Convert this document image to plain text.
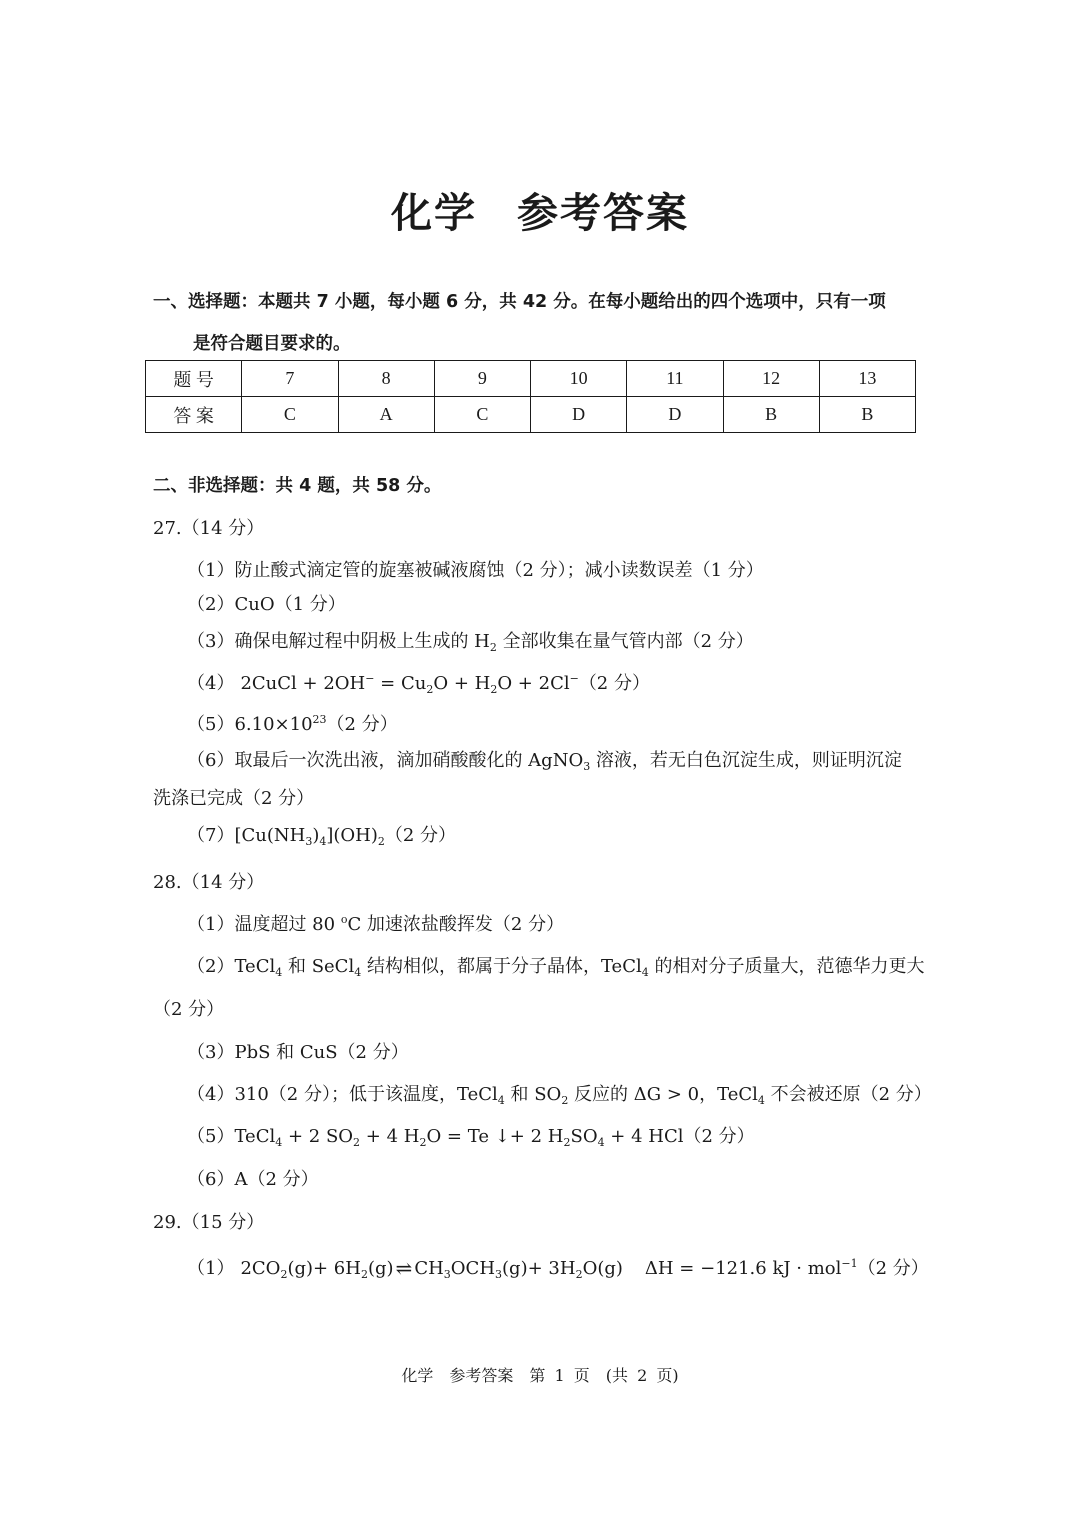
化学 参考答案
一、选择题：本题共 7 小题，每小题 6 分，共 42 分。在每小题给出的四个选项中，只有一项
是符合题目要求的。
题 号	7	8	9	10	11	12	13
答 案	C	A	C	D	D	B	B
二、非选择题：共 4 题，共 58 分。
27.（14 分）
（1）防止酸式滴定管的旋塞被碱液腐蚀（2 分）；减小读数误差（1 分）
（2）CuO（1 分）
（3）确保电解过程中阴极上生成的 $H_2$ 全部收集在量气管内部（2 分）
（4） 2CuCl + $2OH^- = Cu_2O + H_2O + 2Cl^-(2$ 分）
$(5)6.10\times 10^{23}(2$ 分）
（6）取最后一次洗出液，滴加硝酸酸化的 AgNO$_3$ 溶液，若无白色沉淀生成，则证明沉淀
洗涤已完成（2 分）
$(7)[Cu(NH_3)_4](OH)_2(2$ 分）
28.（14 分）
（1）温度超过 80 $^o$C 加速浓盐酸挥发（2 分）
（2）TeCl$_4$ 和 SeCl$_4$ 结构相似，都属于分子晶体，TeCl$_4$ 的相对分子质量大，范德华力更大
（2 分）
（3）PbS 和 CuS（2 分）
（4）310（2 分）；低于该温度，TeCl$_4$ 和 $SO_2$ 反应的 ΔG > 0，TeCl$_4$ 不会被还原（2 分）
（5）TeCl$_4$ + 2 $SO_2 + 4$ $H_2O = Te$ ↓+ 2 $H_2SO_4 + 4$ HCl（2 分）
（6）A（2 分）
29.（15 分）
（1） $2CO_2(g)+ 6H_2(g)$ ⇌ $CH_3OCH_3(g)+ 3H_2O(g) \Delta H = -121.6$ kJ · mol$^{-1}$（2 分）
化学　参考答案　第 1 页　(共 2 页)
